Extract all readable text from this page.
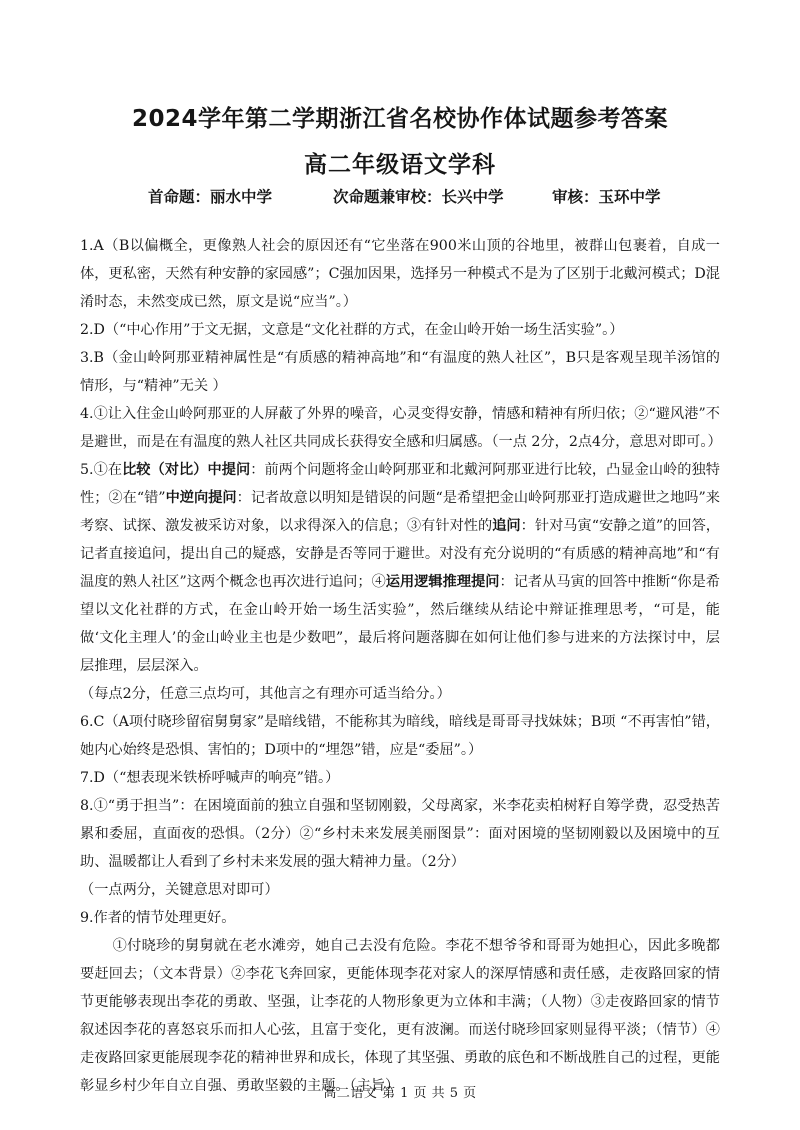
2024学年第二学期浙江省名校协作体试题参考答案
高二年级语文学科
首命题：丽水中学	次命题兼审校：长兴中学	审核：玉环中学

1.A（B以偏概全，更像熟人社会的原因还有“它坐落在900米山顶的谷地里，被群山包裹着，自成一体，更私密，天然有种安静的家园感”；C强加因果，选择另一种模式不是为了区别于北戴河模式；D混淆时态，未然变成已然，原文是说“应当”。）

2.D（“中心作用”于文无据，文意是“文化社群的方式，在金山岭开始一场生活实验”。）

3.B（金山岭阿那亚精神属性是“有质感的精神高地”和“有温度的熟人社区”，B只是客观呈现羊汤馆的情形，与“精神”无关 ）

4.①让入住金山岭阿那亚的人屏蔽了外界的噪音，心灵变得安静，情感和精神有所归依；②“避风港”不是避世，而是在有温度的熟人社区共同成长获得安全感和归属感。（一点 2分，2点4分，意思对即可。）

5.①在比较（对比）中提问：前两个问题将金山岭阿那亚和北戴河阿那亚进行比较，凸显金山岭的独特性；②在“错”中逆向提问：记者故意以明知是错误的问题“是希望把金山岭阿那亚打造成避世之地吗”来考察、试探、激发被采访对象，以求得深入的信息；③有针对性的追问：针对马寅“安静之道”的回答，记者直接追问，提出自己的疑惑，安静是否等同于避世。对没有充分说明的“有质感的精神高地”和“有温度的熟人社区”这两个概念也再次进行追问；④运用逻辑推理提问：记者从马寅的回答中推断“你是希望以文化社群的方式，在金山岭开始一场生活实验”，然后继续从结论中辩证推理思考，“可是，能做‘文化主理人’的金山岭业主也是少数吧”，最后将问题落脚在如何让他们参与进来的方法探讨中，层层推理，层层深入。

（每点2分，任意三点均可，其他言之有理亦可适当给分。）

6.C（A项付晓珍留宿舅舅家”是暗线错，不能称其为暗线，暗线是哥哥寻找妹妹；B项 “不再害怕”错，她内心始终是恐惧、害怕的；D项中的“埋怨”错，应是“委屈”。）

7.D（“想表现米铁桥呼喊声的响亮”错。）

8.①“勇于担当”：在困境面前的独立自强和坚韧刚毅，父母离家，米李花卖柏树籽自筹学费，忍受热苦累和委屈，直面夜的恐惧。（2分）②“乡村未来发展美丽图景”：面对困境的坚韧刚毅以及困境中的互助、温暖都让人看到了乡村未来发展的强大精神力量。（2分）

（一点两分，关键意思对即可）

9.作者的情节处理更好。

①付晓珍的舅舅就在老水滩旁，她自己去没有危险。李花不想爷爷和哥哥为她担心，因此多晚都要赶回去；（文本背景）②李花飞奔回家，更能体现李花对家人的深厚情感和责任感，走夜路回家的情节更能够表现出李花的勇敢、坚强，让李花的人物形象更为立体和丰满；（人物）③走夜路回家的情节叙述因李花的喜怒哀乐而扣人心弦，且富于变化，更有波澜。而送付晓珍回家则显得平淡；（情节）④走夜路回家更能展现李花的精神世界和成长，体现了其坚强、勇敢的底色和不断战胜自己的过程，更能彰显乡村少年自立自强、勇敢坚毅的主题。（主旨）

高二语文 第 1 页 共 5 页
